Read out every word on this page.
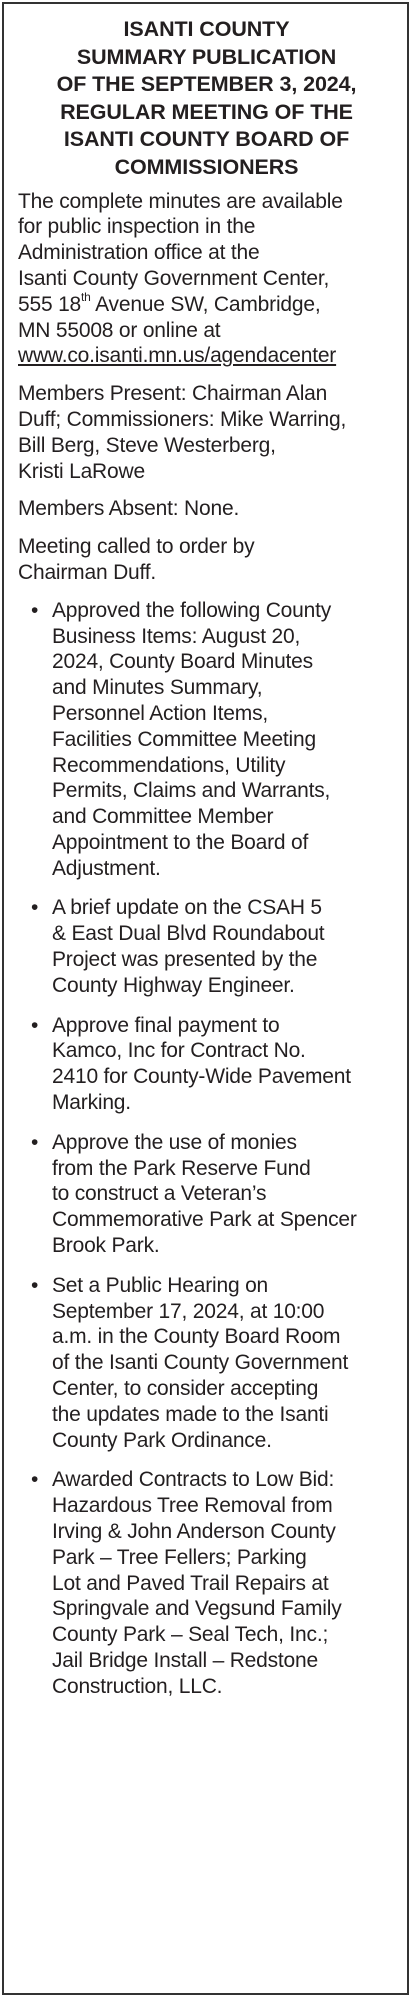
ISANTI COUNTY
SUMMARY PUBLICATION
OF THE SEPTEMBER 3, 2024,
REGULAR MEETING OF THE
ISANTI COUNTY BOARD OF
COMMISSIONERS
The complete minutes are available
for public inspection in the
Administration office at the
Isanti County Government Center,
555 18th Avenue SW, Cambridge,
MN 55008 or online at
www.co.isanti.mn.us/agendacenter
Members Present: Chairman Alan
Duff; Commissioners: Mike Warring,
Bill Berg, Steve Westerberg,
Kristi LaRowe
Members Absent: None.
Meeting called to order by
Chairman Duff.
• Approved the following County
Business Items: August 20,
2024, County Board Minutes
and Minutes Summary,
Personnel Action Items,
Facilities Committee Meeting
Recommendations, Utility
Permits, Claims and Warrants,
and Committee Member
Appointment to the Board of
Adjustment.
• A brief update on the CSAH 5
& East Dual Blvd Roundabout
Project was presented by the
County Highway Engineer.
• Approve final payment to
Kamco, Inc for Contract No.
2410 for County-Wide Pavement
Marking.
• Approve the use of monies
from the Park Reserve Fund
to construct a Veteran’s
Commemorative Park at Spencer
Brook Park.
• Set a Public Hearing on
September 17, 2024, at 10:00
a.m. in the County Board Room
of the Isanti County Government
Center, to consider accepting
the updates made to the Isanti
County Park Ordinance.
• Awarded Contracts to Low Bid:
Hazardous Tree Removal from
Irving & John Anderson County
Park – Tree Fellers; Parking
Lot and Paved Trail Repairs at
Springvale and Vegsund Family
County Park – Seal Tech, Inc.;
Jail Bridge Install – Redstone
Construction, LLC.
